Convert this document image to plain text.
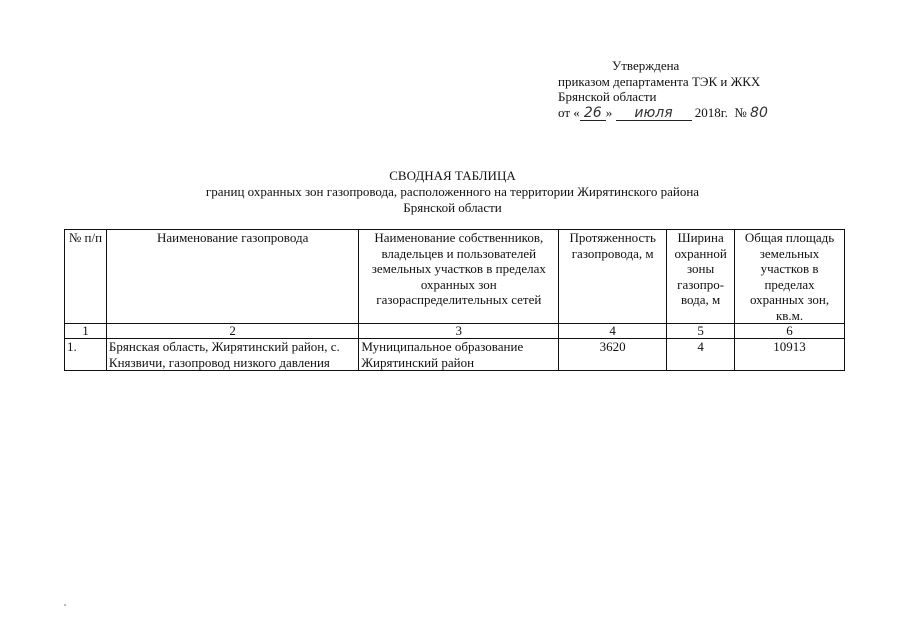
Утверждена
приказом департамента ТЭК и ЖКХ
Брянской области
от « 26 » июля 2018г. № 80
СВОДНАЯ ТАБЛИЦА
границ охранных зон газопровода, расположенного на территории Жирятинского района
Брянской области
№ п/п	Наименование газопровода	Наименование собственников, владельцев и пользователей земельных участков в пределах охранных зон газораспределительных сетей	Протяженность газопровода, м	Ширина охранной зоны газопро-вода, м	Общая площадь земельных участков в пределах охранных зон, кв.м.
1	2	3	4	5	6
1.	Брянская область, Жирятинский район, с. Князвичи, газопровод низкого давления	Муниципальное образование Жирятинский район	3620	4	10913
